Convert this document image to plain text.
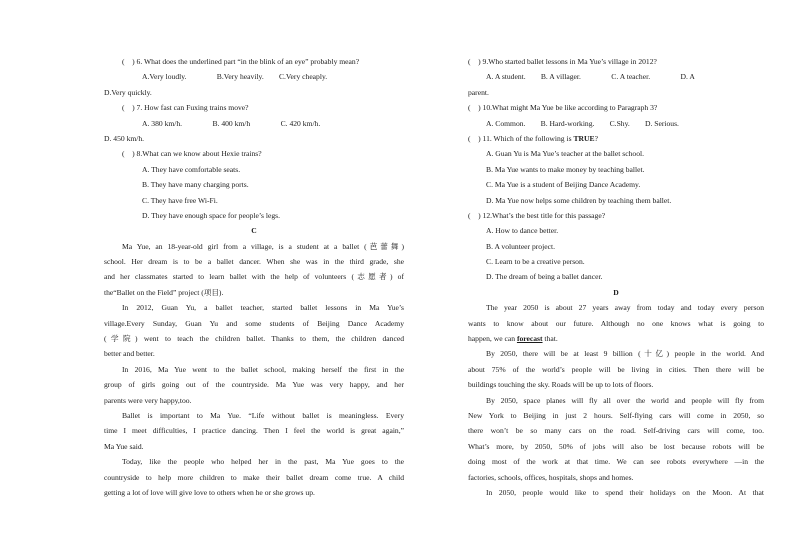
(　) 6. What does the underlined part “in the blink of an eye” probably mean?
A.Very loudly.    B.Very heavily.  C.Very cheaply.
D.Very quickly.
(　) 7. How fast can Fuxing trains move?
A. 380 km/h.    B. 400 km/h    C. 420 km/h.
D. 450 km/h.
(　) 8.What can we know about Hexie trains?
A. They have comfortable seats.
B. They have many charging ports.
C. They have free Wi-Fi.
D. They have enough space for people’s legs.
C
Ma Yue, an 18-year-old girl from a village, is a student at a ballet (芭蕾舞)
school. Her dream is to be a ballet dancer. When she was in the third grade, she
and her classmates started to learn ballet with the help of volunteers (志愿者) of
the“Ballet on the Field” project (项目).
In 2012, Guan Yu, a ballet teacher, started ballet lessons in Ma Yue’s
village.Every Sunday, Guan Yu and some students of Beijing Dance Academy
(学院) went to teach the children ballet. Thanks to them, the children danced
better and better.
In 2016, Ma Yue went to the ballet school, making herself the first in the
group of girls going out of the countryside. Ma Yue was very happy, and her
parents were very happy,too.
Ballet is important to Ma Yue. “Life without ballet is meaningless. Every
time I meet difficulties, I practice dancing. Then I feel the world is great again,”
Ma Yue said.
Today, like the people who helped her in the past, Ma Yue goes to the
countryside to help more children to make their ballet dream come true. A child
getting a lot of love will give love to others when he or she grows up.
(　) 9.Who started ballet lessons in Ma Yue’s village in 2012?
A. A student.  B. A villager.    C. A teacher.    D. A
parent.
(　) 10.What might Ma Yue be like according to Paragraph 3?
A. Common.  B. Hard-working.  C.Shy.  D. Serious.
(　) 11. Which of the following is TRUE?
A. Guan Yu is Ma Yue’s teacher at the ballet school.
B. Ma Yue wants to make money by teaching ballet.
C. Ma Yue is a student of Beijing Dance Academy.
D. Ma Yue now helps some children by teaching them ballet.
(　) 12.What’s the best title for this passage?
A. How to dance better.
B. A volunteer project.
C. Learn to be a creative person.
D. The dream of being a ballet dancer.
D
The year 2050 is about 27 years away from today and today every person
wants to know about our future. Although no one knows what is going to
happen, we can forecast that.
By 2050, there will be at least 9 billion (十亿) people in the world. And
about 75% of the world’s people will be living in cities. Then there will be
buildings touching the sky. Roads will be up to lots of floors.
By 2050, space planes will fly all over the world and people will fly from
New York to Beijing in just 2 hours. Self-flying cars will come in 2050, so
there won’t be so many cars on the road. Self-driving cars will come, too.
What’s more, by 2050, 50% of jobs will also be lost because robots will be
doing most of the work at that time. We can see robots everywhere —in the
factories, schools, offices, hospitals, shops and homes.
In 2050, people would like to spend their holidays on the Moon. At that
